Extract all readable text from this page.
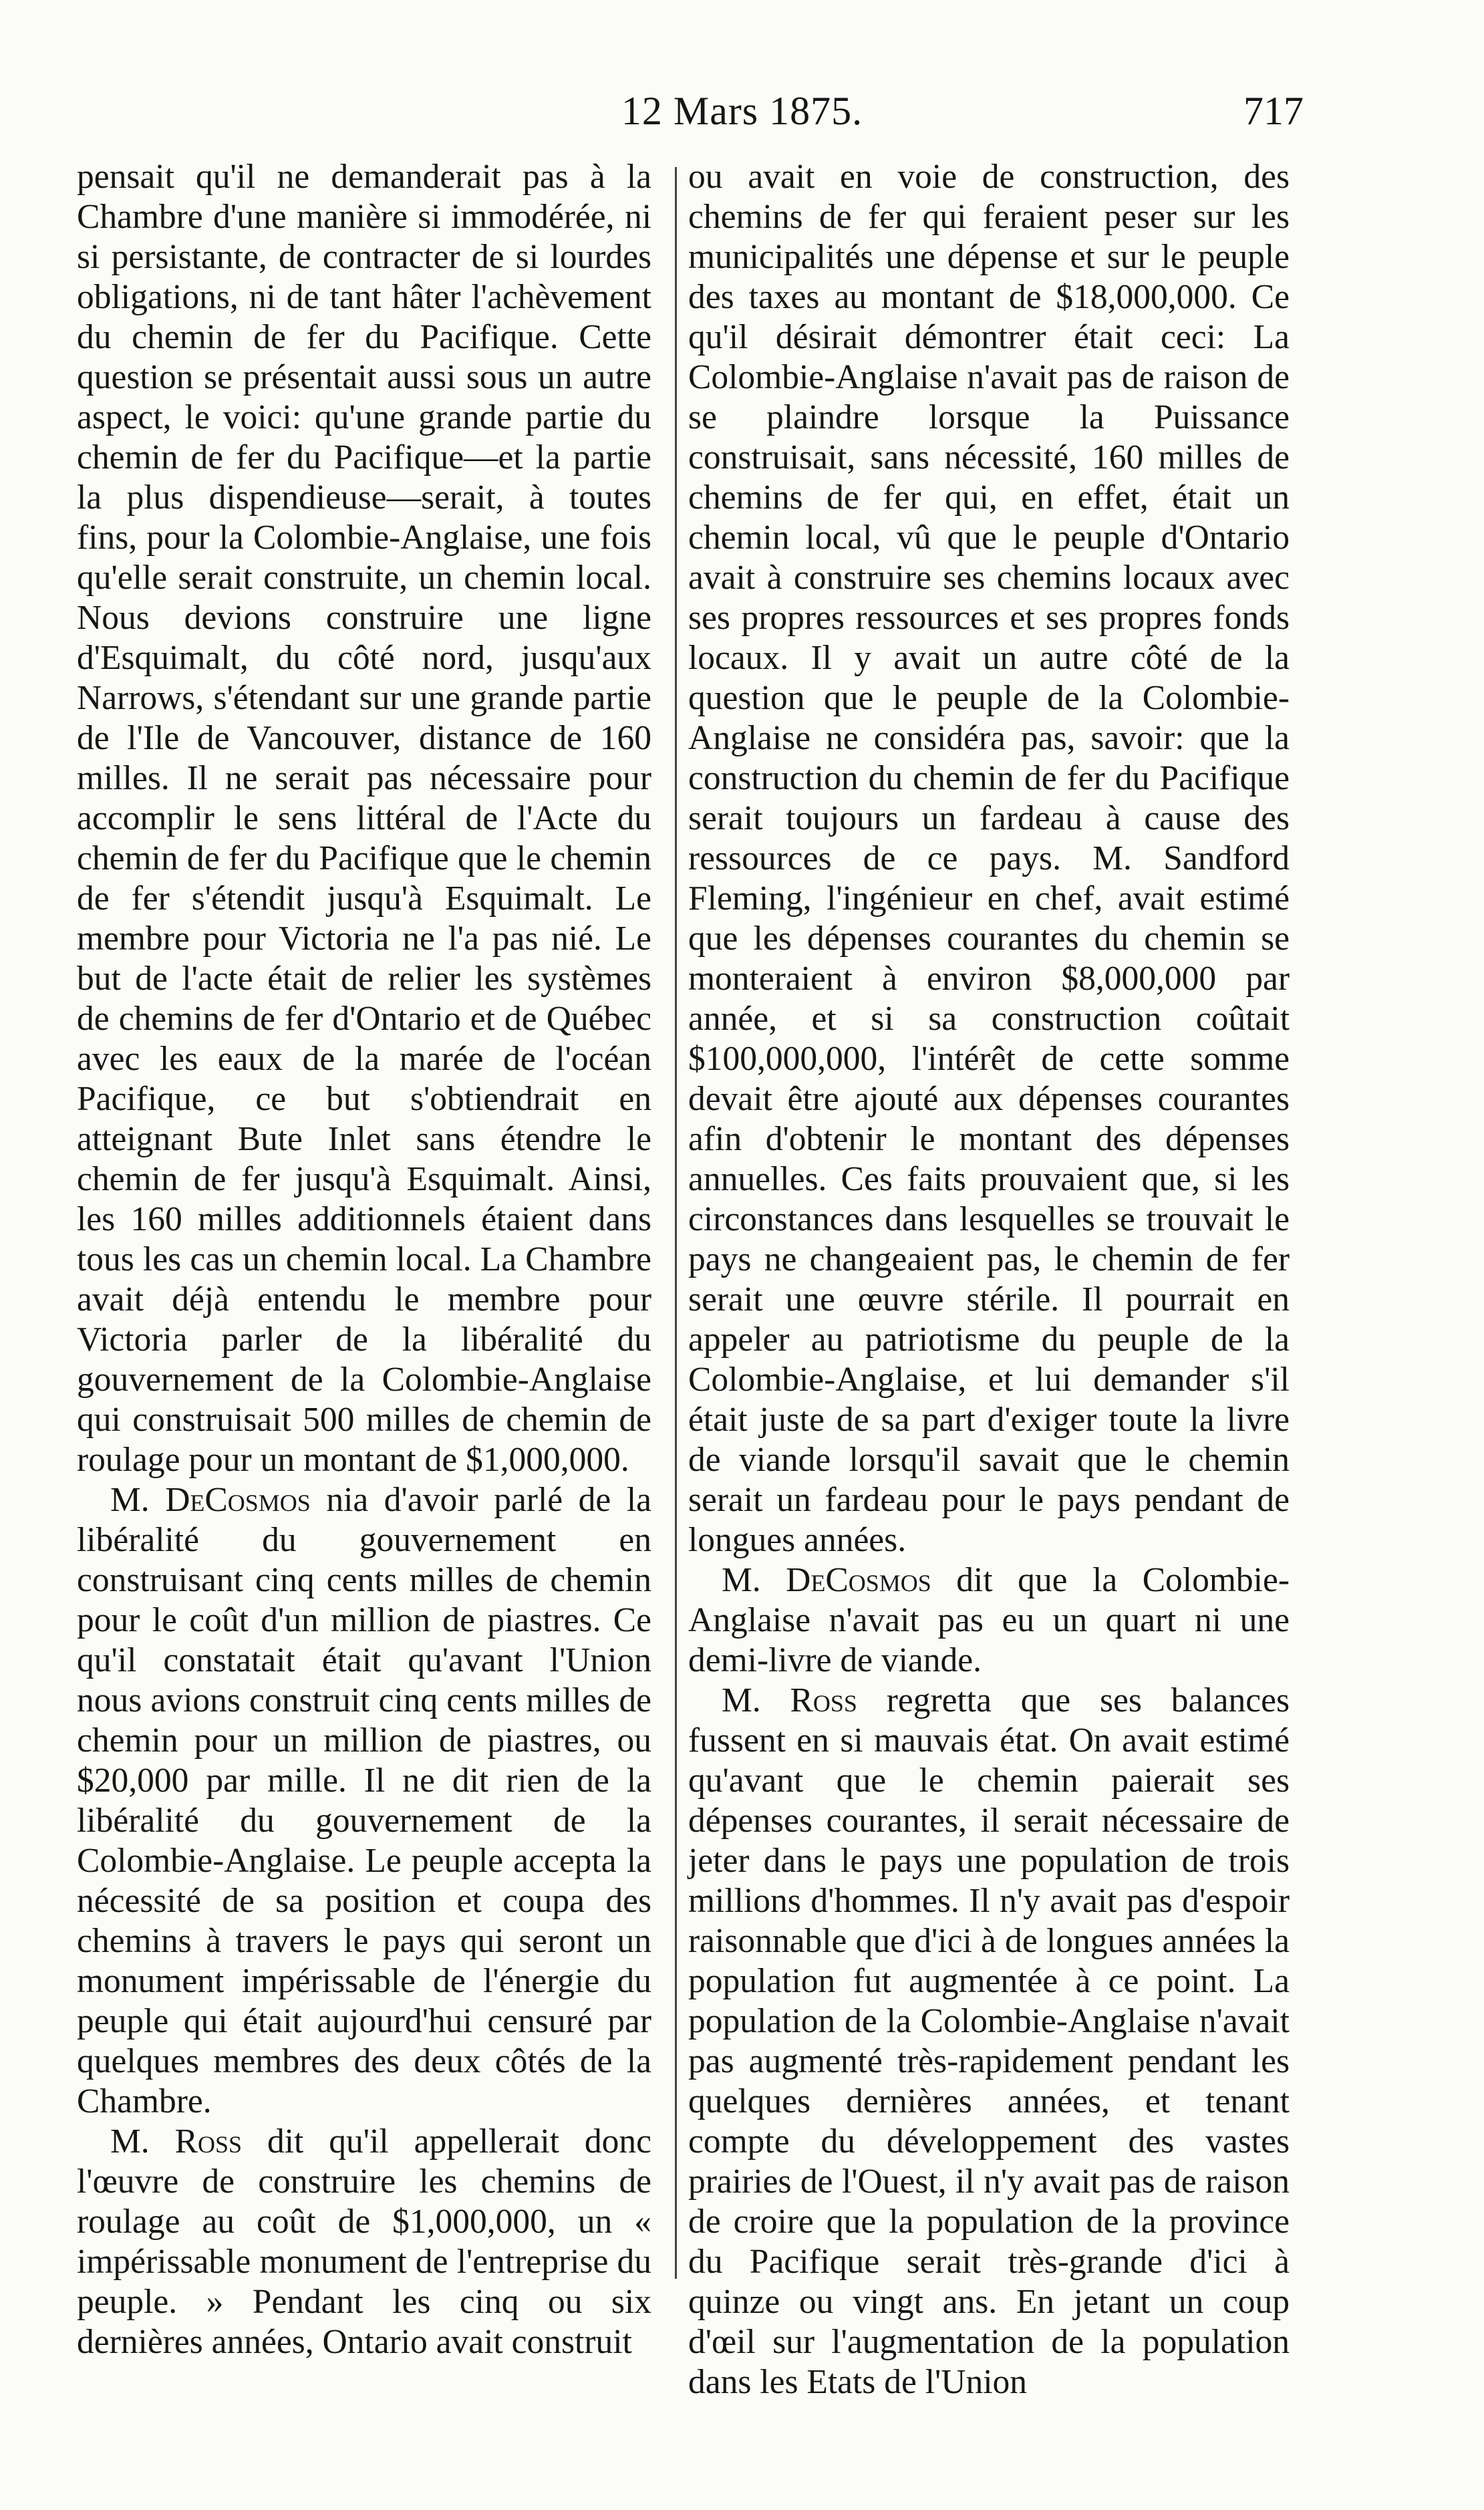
12 Mars 1875.	717

pensait qu'il ne demanderait pas à la Chambre d'une manière si immodérée, ni si persistante, de contracter de si lourdes obligations, ni de tant hâter l'achèvement du chemin de fer du Pacifique. Cette question se présentait aussi sous un autre aspect, le voici: qu'une grande partie du chemin de fer du Pacifique—et la partie la plus dispendieuse—serait, à toutes fins, pour la Colombie-Anglaise, une fois qu'elle serait construite, un chemin local. Nous devions construire une ligne d'Esquimalt, du côté nord, jusqu'aux Narrows, s'étendant sur une grande partie de l'Ile de Vancouver, distance de 160 milles. Il ne serait pas nécessaire pour accomplir le sens littéral de l'Acte du chemin de fer du Pacifique que le chemin de fer s'étendit jusqu'à Esquimalt. Le membre pour Victoria ne l'a pas nié. Le but de l'acte était de relier les systèmes de chemins de fer d'Ontario et de Québec avec les eaux de la marée de l'océan Pacifique, ce but s'obtiendrait en atteignant Bute Inlet sans étendre le chemin de fer jusqu'à Esquimalt. Ainsi, les 160 milles additionnels étaient dans tous les cas un chemin local. La Chambre avait déjà entendu le membre pour Victoria parler de la libéralité du gouvernement de la Colombie-Anglaise qui construisait 500 milles de chemin de roulage pour un montant de $1,000,000.

M. DeCosmos nia d'avoir parlé de la libéralité du gouvernement en construisant cinq cents milles de chemin pour le coût d'un million de piastres. Ce qu'il constatait était qu'avant l'Union nous avions construit cinq cents milles de chemin pour un million de piastres, ou $20,000 par mille. Il ne dit rien de la libéralité du gouvernement de la Colombie-Anglaise. Le peuple accepta la nécessité de sa position et coupa des chemins à travers le pays qui seront un monument impérissable de l'énergie du peuple qui était aujourd'hui censuré par quelques membres des deux côtés de la Chambre.

M. Ross dit qu'il appellerait donc l'œuvre de construire les chemins de roulage au coût de $1,000,000, un « impérissable monument de l'entreprise du peuple. » Pendant les cinq ou six dernières années, Ontario avait construit

ou avait en voie de construction, des chemins de fer qui feraient peser sur les municipalités une dépense et sur le peuple des taxes au montant de $18,000,000. Ce qu'il désirait démontrer était ceci: La Colombie-Anglaise n'avait pas de raison de se plaindre lorsque la Puissance construisait, sans nécessité, 160 milles de chemins de fer qui, en effet, était un chemin local, vû que le peuple d'Ontario avait à construire ses chemins locaux avec ses propres ressources et ses propres fonds locaux. Il y avait un autre côté de la question que le peuple de la Colombie-Anglaise ne considéra pas, savoir: que la construction du chemin de fer du Pacifique serait toujours un fardeau à cause des ressources de ce pays. M. Sandford Fleming, l'ingénieur en chef, avait estimé que les dépenses courantes du chemin se monteraient à environ $8,000,000 par année, et si sa construction coûtait $100,000,000, l'intérêt de cette somme devait être ajouté aux dépenses courantes afin d'obtenir le montant des dépenses annuelles. Ces faits prouvaient que, si les circonstances dans lesquelles se trouvait le pays ne changeaient pas, le chemin de fer serait une œuvre stérile. Il pourrait en appeler au patriotisme du peuple de la Colombie-Anglaise, et lui demander s'il était juste de sa part d'exiger toute la livre de viande lorsqu'il savait que le chemin serait un fardeau pour le pays pendant de longues années.

M. DeCosmos dit que la Colombie-Anglaise n'avait pas eu un quart ni une demi-livre de viande.

M. Ross regretta que ses balances fussent en si mauvais état. On avait estimé qu'avant que le chemin paierait ses dépenses courantes, il serait nécessaire de jeter dans le pays une population de trois millions d'hommes. Il n'y avait pas d'espoir raisonnable que d'ici à de longues années la population fut augmentée à ce point. La population de la Colombie-Anglaise n'avait pas augmenté très-rapidement pendant les quelques dernières années, et tenant compte du développement des vastes prairies de l'Ouest, il n'y avait pas de raison de croire que la population de la province du Pacifique serait très-grande d'ici à quinze ou vingt ans. En jetant un coup d'œil sur l'augmentation de la population dans les Etats de l'Union
